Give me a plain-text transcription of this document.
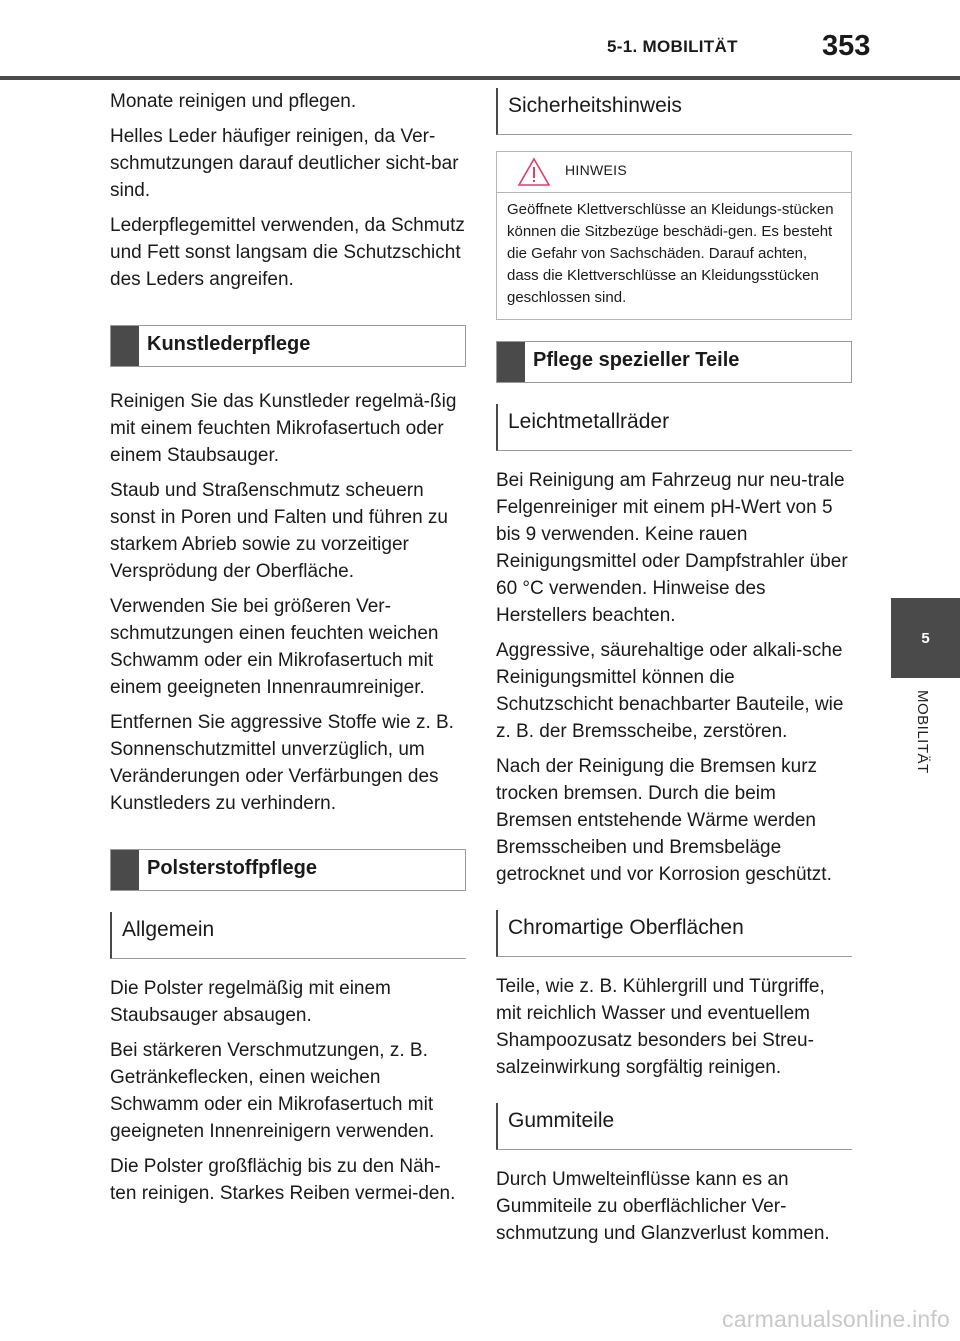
5-1. MOBILITÄT	353
5
MOBILITÄT

Monate reinigen und pflegen.

Helles Leder häufiger reinigen, da Ver-schmutzungen darauf deutlicher sicht-bar sind.

Lederpflegemittel verwenden, da Schmutz und Fett sonst langsam die Schutzschicht des Leders angreifen.

Kunstlederpflege

Reinigen Sie das Kunstleder regelmä-ßig mit einem feuchten Mikrofasertuch oder einem Staubsauger.

Staub und Straßenschmutz scheuern sonst in Poren und Falten und führen zu starkem Abrieb sowie zu vorzeitiger Versprödung der Oberfläche.

Verwenden Sie bei größeren Ver-schmutzungen einen feuchten weichen Schwamm oder ein Mikrofasertuch mit einem geeigneten Innenraumreiniger.

Entfernen Sie aggressive Stoffe wie z. B. Sonnenschutzmittel unverzüglich, um Veränderungen oder Verfärbungen des Kunstleders zu verhindern.

Polsterstoffpflege
Allgemein

Die Polster regelmäßig mit einem Staubsauger absaugen.

Bei stärkeren Verschmutzungen, z. B. Getränkeflecken, einen weichen Schwamm oder ein Mikrofasertuch mit geeigneten Innenreinigern verwenden.

Die Polster großflächig bis zu den Näh-ten reinigen. Starkes Reiben vermei-den.

Sicherheitshinweis
HINWEIS
Geöffnete Klettverschlüsse an Kleidungs-stücken können die Sitzbezüge beschädi-gen. Es besteht die Gefahr von Sachschäden. Darauf achten, dass die Klettverschlüsse an Kleidungsstücken geschlossen sind.
Pflege spezieller Teile
Leichtmetallräder

Bei Reinigung am Fahrzeug nur neu-trale Felgenreiniger mit einem pH-Wert von 5 bis 9 verwenden. Keine rauen Reinigungsmittel oder Dampfstrahler über 60 °C verwenden. Hinweise des Herstellers beachten.

Aggressive, säurehaltige oder alkali-sche Reinigungsmittel können die Schutzschicht benachbarter Bauteile, wie z. B. der Bremsscheibe, zerstören.

Nach der Reinigung die Bremsen kurz trocken bremsen. Durch die beim Bremsen entstehende Wärme werden Bremsscheiben und Bremsbeläge getrocknet und vor Korrosion geschützt.

Chromartige Oberflächen

Teile, wie z. B. Kühlergrill und Türgriffe, mit reichlich Wasser und eventuellem Shampoozusatz besonders bei Streu-salzeinwirkung sorgfältig reinigen.

Gummiteile

Durch Umwelteinflüsse kann es an Gummiteile zu oberflächlicher Ver-schmutzung und Glanzverlust kommen.

carmanualsonline.info
